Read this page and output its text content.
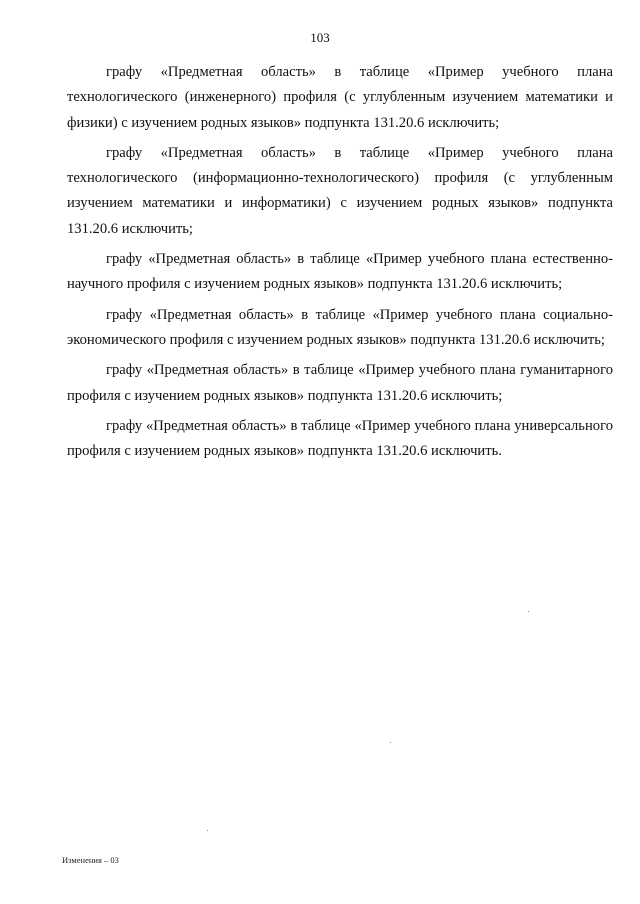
103

графу «Предметная область» в таблице «Пример учебного плана технологического (инженерного) профиля (с углубленным изучением математики и физики) с изучением родных языков» подпункта 131.20.6 исключить;

графу «Предметная область» в таблице «Пример учебного плана технологического (информационно-технологического) профиля (с углубленным изучением математики и информатики) с изучением родных языков» подпункта 131.20.6 исключить;

графу «Предметная область» в таблице «Пример учебного плана естественно-научного профиля с изучением родных языков» подпункта 131.20.6 исключить;

графу «Предметная область» в таблице «Пример учебного плана социально-экономического профиля с изучением родных языков» подпункта 131.20.6 исключить;

графу «Предметная область» в таблице «Пример учебного плана гуманитарного профиля с изучением родных языков» подпункта 131.20.6 исключить;

графу «Предметная область» в таблице «Пример учебного плана универсального профиля с изучением родных языков» подпункта 131.20.6 исключить.

Изменения – 03
